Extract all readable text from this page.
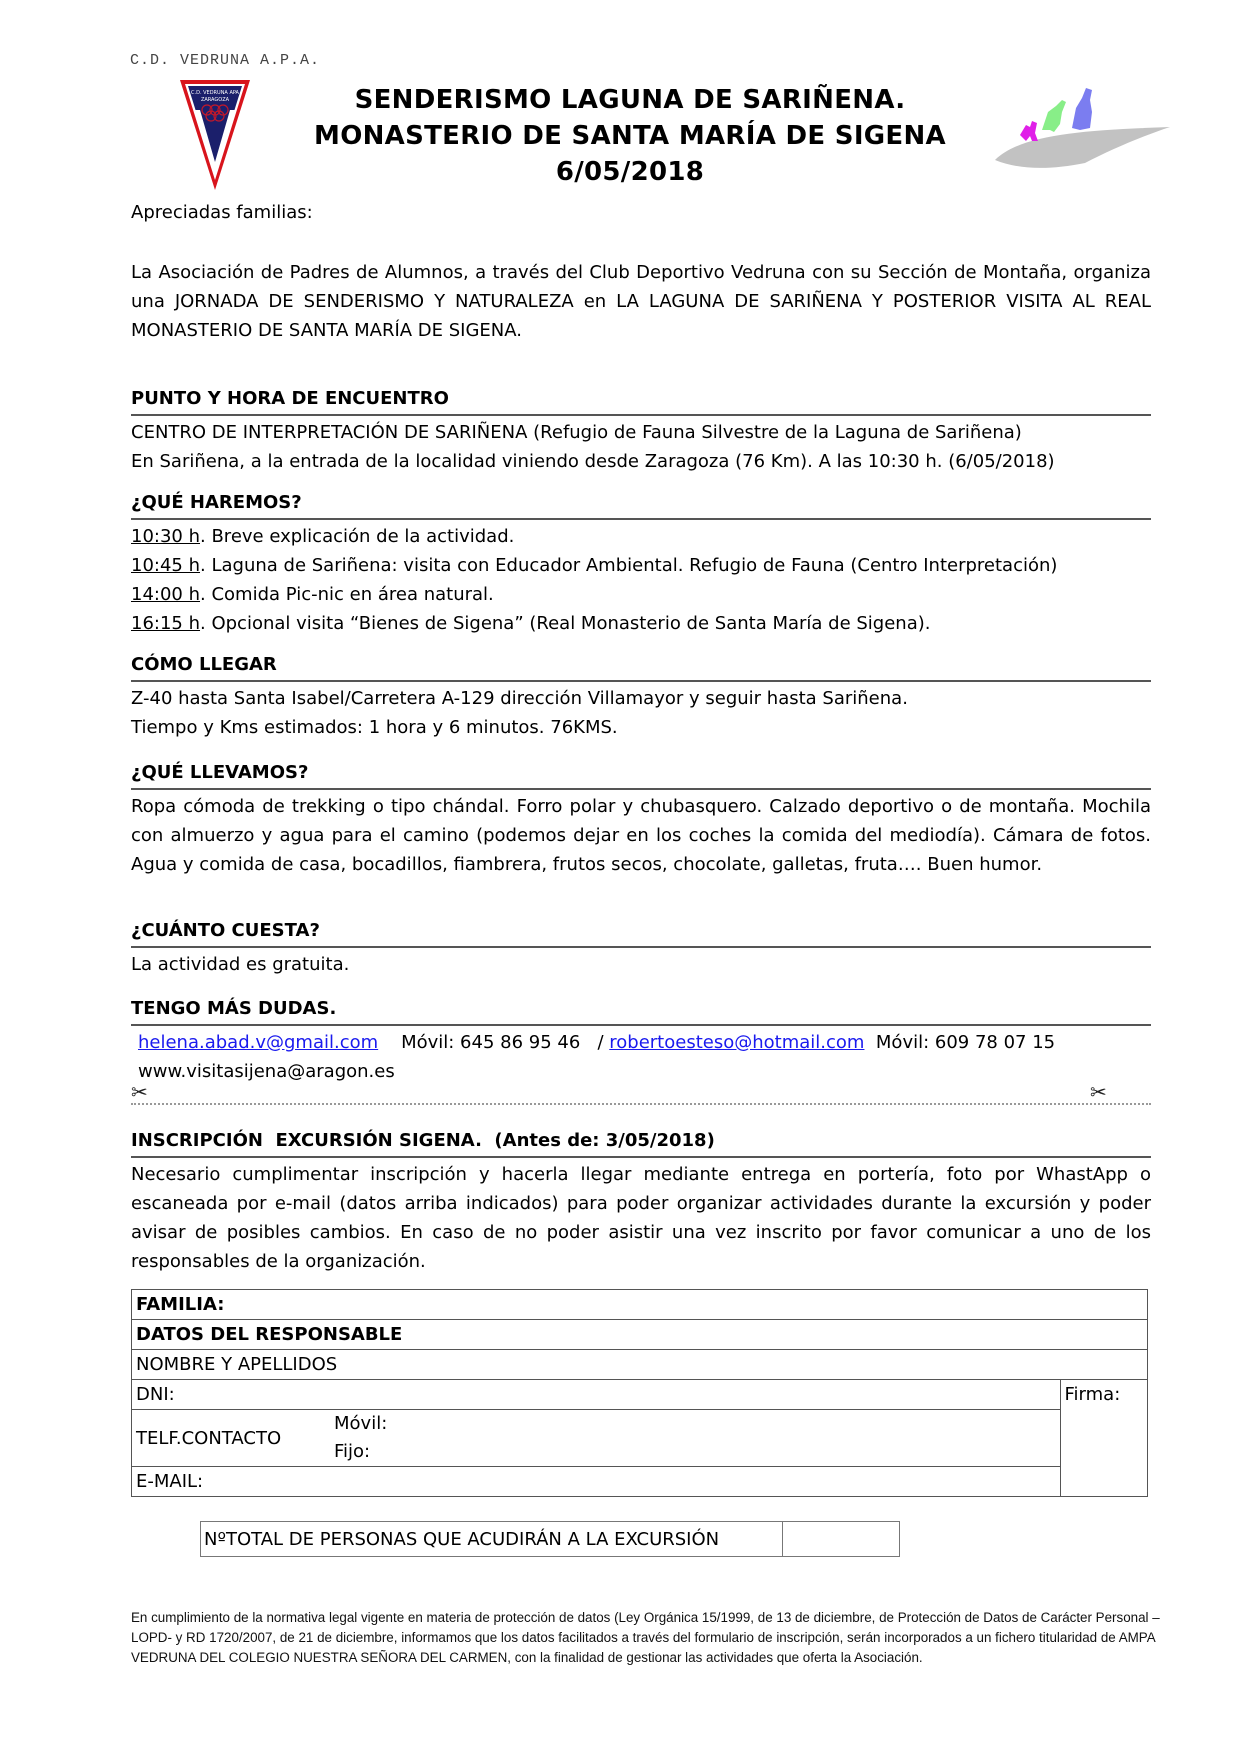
C.D. VEDRUNA A.P.A.
C.D. VEDRUNA APA
ZARAGOZA	SENDERISMO LAGUNA DE SARIÑENA.
MONASTERIO DE SANTA MARÍA DE SIGENA
6/05/2018
Apreciadas familias:
La Asociación de Padres de Alumnos, a través del Club Deportivo Vedruna con su Sección de Montaña, organiza una JORNADA DE SENDERISMO Y NATURALEZA en LA LAGUNA DE SARIÑENA Y POSTERIOR VISITA AL REAL MONASTERIO DE SANTA MARÍA DE SIGENA.
PUNTO Y HORA DE ENCUENTRO
CENTRO DE INTERPRETACIÓN DE SARIÑENA (Refugio de Fauna Silvestre de la Laguna de Sariñena)
En Sariñena, a la entrada de la localidad viniendo desde Zaragoza (76 Km). A las 10:30 h. (6/05/2018)
¿QUÉ HAREMOS?
10:30 h. Breve explicación de la actividad.
10:45 h. Laguna de Sariñena: visita con Educador Ambiental. Refugio de Fauna (Centro Interpretación)
14:00 h. Comida Pic-nic en área natural.
16:15 h. Opcional visita “Bienes de Sigena” (Real Monasterio de Santa María de Sigena).
CÓMO LLEGAR
Z-40 hasta Santa Isabel/Carretera A-129 dirección Villamayor y seguir hasta Sariñena.
Tiempo y Kms estimados: 1 hora y 6 minutos. 76KMS.
¿QUÉ LLEVAMOS?
Ropa cómoda de trekking o tipo chándal. Forro polar y chubasquero. Calzado deportivo o de montaña. Mochila con almuerzo y agua para el camino (podemos dejar en los coches la comida del mediodía). Cámara de fotos. Agua y comida de casa, bocadillos, fiambrera, frutos secos, chocolate, galletas, fruta…. Buen humor.
¿CUÁNTO CUESTA?
La actividad es gratuita.
TENGO MÁS DUDAS.
helena.abad.v@gmail.com Móvil: 645 86 95 46 / robertoesteso@hotmail.com Móvil: 609 78 07 15
www.visitasijena@aragon.es
✂	✂
INSCRIPCIÓN  EXCURSIÓN SIGENA.  (Antes de: 3/05/2018)
Necesario cumplimentar inscripción y hacerla llegar mediante entrega en portería, foto por WhastApp o escaneada por e-mail (datos arriba indicados) para poder organizar actividades durante la excursión y poder avisar de posibles cambios. En caso de no poder asistir una vez inscrito por favor comunicar a uno de los responsables de la organización.
FAMILIA:		
DATOS DEL RESPONSABLE		
NOMBRE Y APELLIDOS		
DNI:		Firma:
TELF.CONTACTO	Móvil:
Fijo:	

E-MAIL:		
NºTOTAL DE PERSONAS QUE ACUDIRÁN A LA EXCURSIÓN	
En cumplimiento de la normativa legal vigente en materia de protección de datos (Ley Orgánica 15/1999, de 13 de diciembre, de Protección de Datos de Carácter Personal –LOPD- y RD 1720/2007, de 21 de diciembre, informamos que los datos facilitados a través del formulario de inscripción, serán incorporados a un fichero titularidad de AMPA VEDRUNA DEL COLEGIO NUESTRA SEÑORA DEL CARMEN, con la finalidad de gestionar las actividades que oferta la Asociación.
